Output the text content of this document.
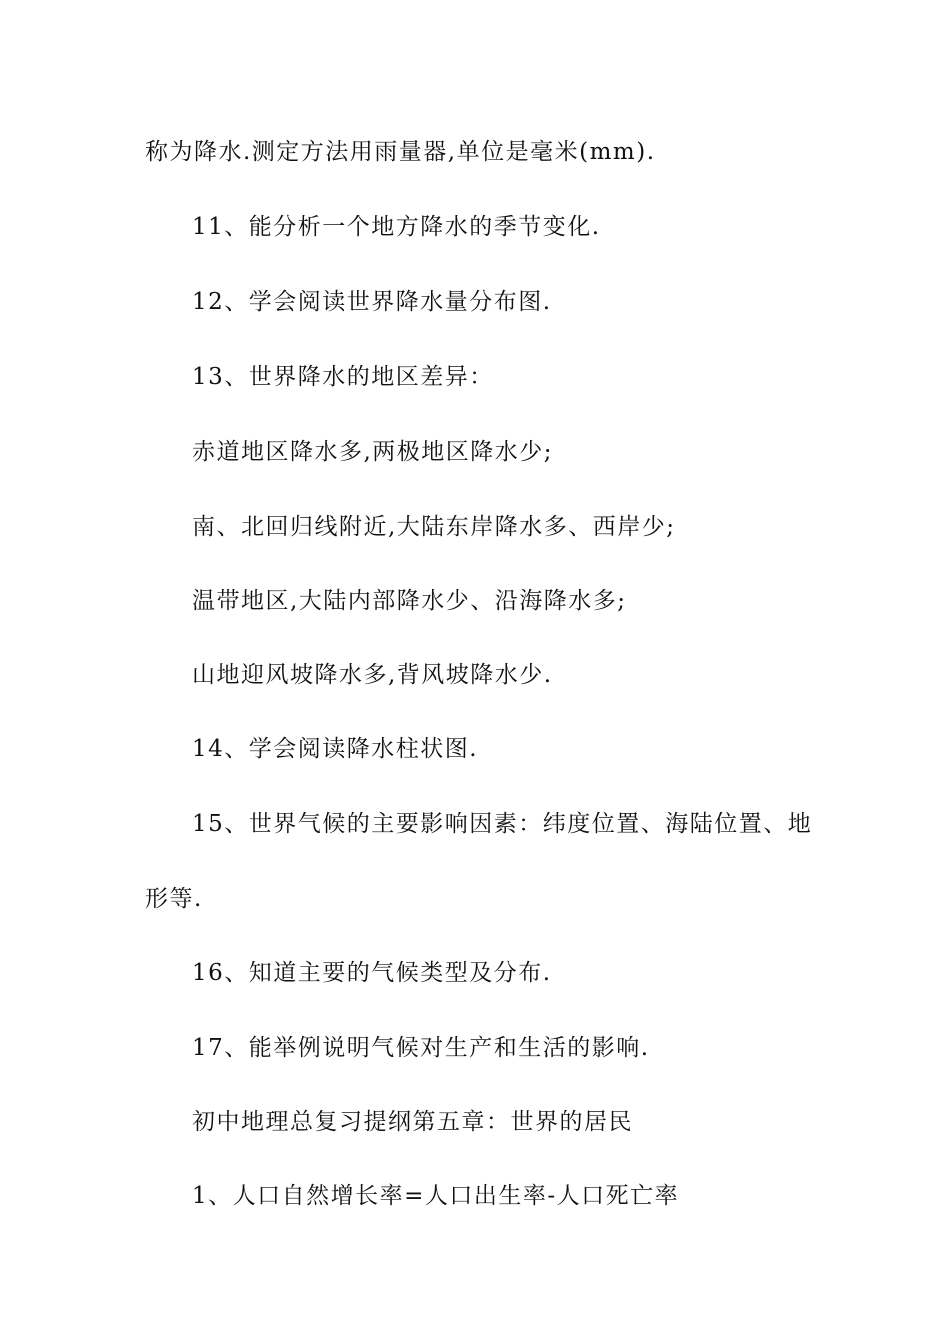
称为降水.测定方法用雨量器,单位是毫米(mm).
11、能分析一个地方降水的季节变化.
12、学会阅读世界降水量分布图.
13、世界降水的地区差异：
赤道地区降水多,两极地区降水少;
南、北回归线附近,大陆东岸降水多、西岸少;
温带地区,大陆内部降水少、沿海降水多;
山地迎风坡降水多,背风坡降水少.
14、学会阅读降水柱状图.
15、世界气候的主要影响因素：纬度位置、海陆位置、地
形等.
16、知道主要的气候类型及分布.
17、能举例说明气候对生产和生活的影响.
初中地理总复习提纲第五章：世界的居民
1、人口自然增长率=人口出生率-人口死亡率
